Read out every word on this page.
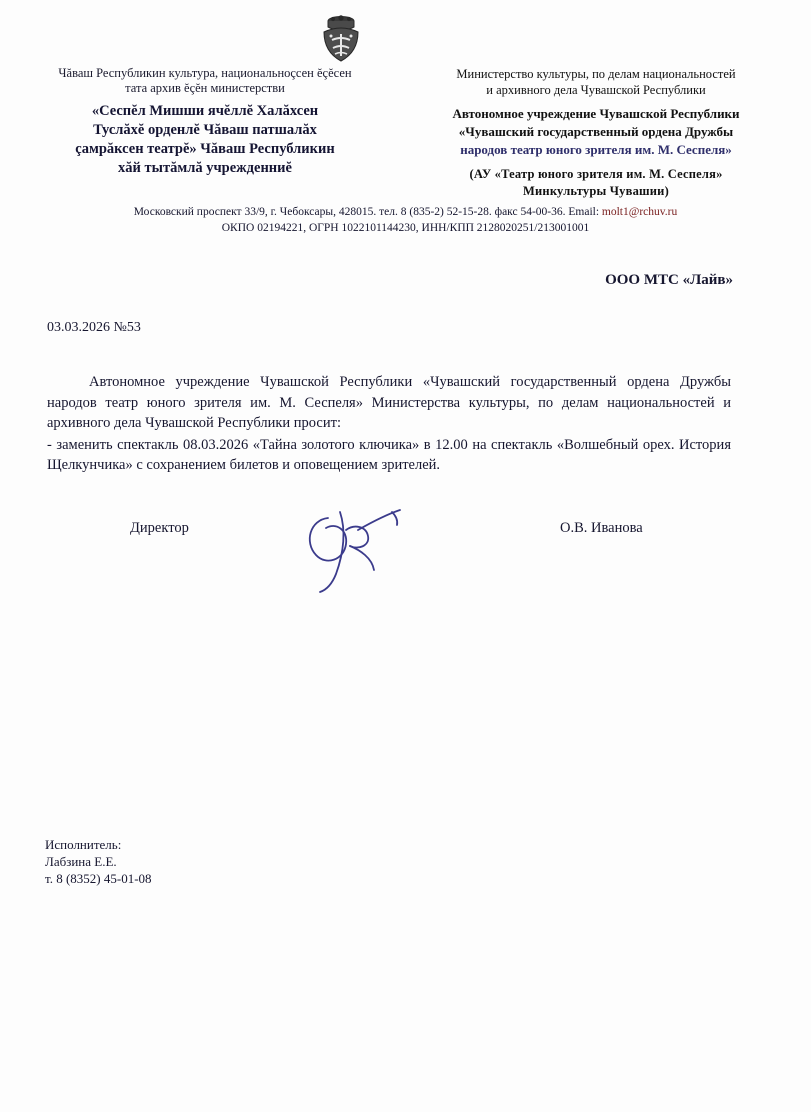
Чăваш Республикин культура, национальноçсен ĕçĕсен
тата архив ĕçĕн министерстви
«Сеспĕл Мишши ячĕллĕ Халăхсен
Туслăхĕ орденлĕ Чăваш патшалăх
çамрăксен театрĕ» Чăваш Республикин
хăй тытăмлă учрежденниĕ
Министерство культуры, по делам национальностей
и архивного дела Чувашской Республики
Автономное учреждение Чувашской Республики
«Чувашский государственный ордена Дружбы
народов театр юного зрителя им. М. Сеспеля»
(АУ «Театр юного зрителя им. М. Сеспеля»
Минкультуры Чувашии)
Московский проспект 33/9, г. Чебоксары, 428015. тел. 8 (835-2) 52-15-28. факс 54-00-36. Email: molt1@rchuv.ru
ОКПО 02194221, ОГРН 1022101144230, ИНН/КПП 2128020251/213001001
ООО МТС «Лайв»
03.03.2026 №53

Автономное учреждение Чувашской Республики «Чувашский государственный ордена Дружбы народов театр юного зрителя им. М. Сеспеля» Министерства культуры, по делам национальностей и архивного дела Чувашской Республики просит:

- заменить спектакль 08.03.2026 «Тайна золотого ключика» в 12.00 на спектакль «Волшебный орех. История Щелкунчика» с сохранением билетов и оповещением зрителей.

Директор	О.В. Иванова
Исполнитель:
Лабзина Е.Е.
т. 8 (8352) 45-01-08
